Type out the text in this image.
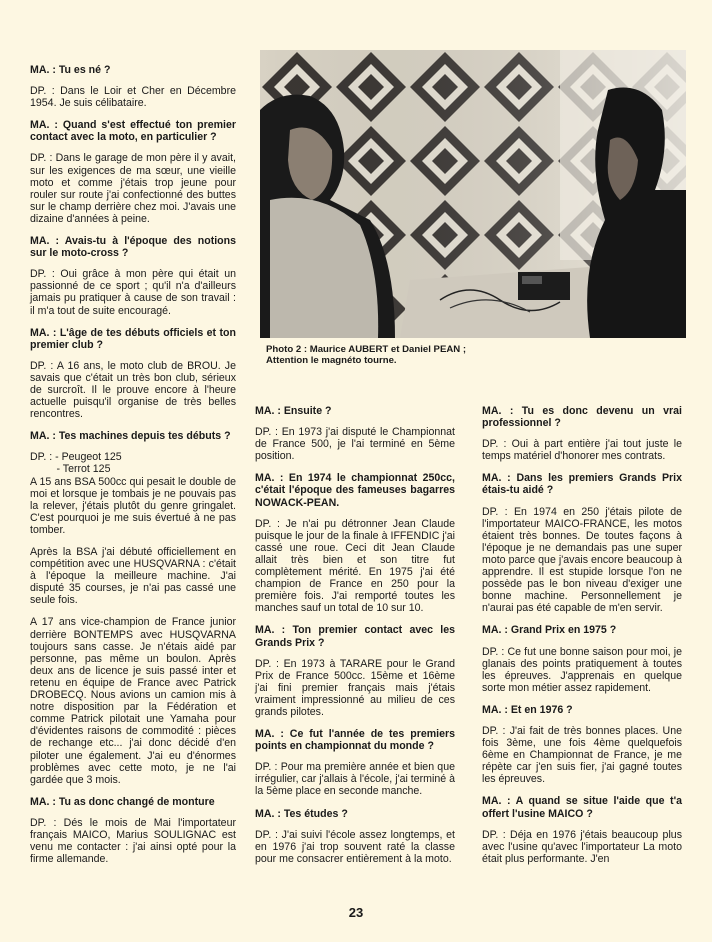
MA. : Tu es né ?

DP. : Dans le Loir et Cher en Décembre 1954. Je suis célibataire.

MA. : Quand s'est effectué ton premier contact avec la moto, en particulier ?

DP. : Dans le garage de mon père il y avait, sur les exigences de ma sœur, une vieille moto et comme j'étais trop jeune pour rouler sur route j'ai confectionné des buttes sur le champ derrière chez moi. J'avais une dizaine d'années à peine.

MA. : Avais-tu à l'époque des notions sur le moto-cross ?

DP. : Oui grâce à mon père qui était un passionné de ce sport ; qu'il n'a d'ailleurs jamais pu pratiquer à cause de son travail : il m'a tout de suite encouragé.

MA. : L'âge de tes débuts officiels et ton premier club ?

DP. : A 16 ans, le moto club de BROU. Je savais que c'était un très bon club, sérieux de surcroît. Il le prouve encore à l'heure actuelle puisqu'il organise de très belles rencontres.

MA. : Tes machines depuis tes débuts ?

DP. : - Peugeot 125

- Terrot 125

A 15 ans BSA 500cc qui pesait le double de moi et lorsque je tombais je ne pouvais pas la relever, j'étais plutôt du genre gringalet. C'est pourquoi je me suis évertué à ne pas tomber.

Après la BSA j'ai débuté officiellement en compétition avec une HUSQVARNA : c'était à l'époque la meilleure machine. J'ai disputé 35 courses, je n'ai pas cassé une seule fois.

A 17 ans vice-champion de France junior derrière BONTEMPS avec HUSQVARNA toujours sans casse. Je n'étais aidé par personne, pas même un boulon. Après deux ans de licence je suis passé inter et retenu en équipe de France avec Patrick DROBECQ. Nous avions un camion mis à notre disposition par la Fédération et comme Patrick pilotait une Yamaha pour d'évidentes raisons de commodité : pièces de rechange etc... j'ai donc décidé d'en piloter une également. J'ai eu d'énormes problèmes avec cette moto, je ne l'ai gardée que 3 mois.

MA. : Tu as donc changé de monture

DP. : Dés le mois de Mai l'importateur français MAICO, Marius SOULIGNAC est venu me contacter : j'ai ainsi opté pour la firme allemande.

Photo 2 : Maurice AUBERT et Daniel PEAN ; Attention le magnéto tourne.

MA. : Ensuite ?

DP. : En 1973 j'ai disputé le Championnat de France 500, je l'ai terminé en 5ème position.

MA. : En 1974 le championnat 250cc, c'était l'époque des fameuses bagarres NOWACK-PEAN.

DP. : Je n'ai pu détronner Jean Claude puisque le jour de la finale à IFFENDIC j'ai cassé une roue. Ceci dit Jean Claude allait très bien et son titre fut complètement mérité. En 1975 j'ai été champion de France en 250 pour la première fois. J'ai remporté toutes les manches sauf un total de 10 sur 10.

MA. : Ton premier contact avec les Grands Prix ?

DP. : En 1973 à TARARE pour le Grand Prix de France 500cc. 15ème et 16ème j'ai fini premier français mais j'étais vraiment impressionné au milieu de ces grands pilotes.

MA. : Ce fut l'année de tes premiers points en championnat du monde ?

DP. : Pour ma première année et bien que irrégulier, car j'allais à l'école, j'ai terminé à la 5ème place en seconde manche.

MA. : Tes études ?

DP. : J'ai suivi l'école assez longtemps, et en 1976 j'ai trop souvent raté la classe pour me consacrer entièrement à la moto.

MA. : Tu es donc devenu un vrai professionnel ?

DP. : Oui à part entière j'ai tout juste le temps matériel d'honorer mes contrats.

MA. : Dans les premiers Grands Prix étais-tu aidé ?

DP. : En 1974 en 250 j'étais pilote de l'importateur MAICO-FRANCE, les motos étaient très bonnes. De toutes façons à l'époque je ne demandais pas une super moto parce que j'avais encore beaucoup à apprendre. Il est stupide lorsque l'on ne possède pas le bon niveau d'exiger une bonne machine. Personnellement je n'aurai pas été capable de m'en servir.

MA. : Grand Prix en 1975 ?

DP. : Ce fut une bonne saison pour moi, je glanais des points pratiquement à toutes les épreuves. J'apprenais en quelque sorte mon métier assez rapidement.

MA. : Et en 1976 ?

DP. : J'ai fait de très bonnes places. Une fois 3ème, une fois 4ème quelquefois 6ème en Championnat de France, je me répète car j'en suis fier, j'ai gagné toutes les épreuves.

MA. : A quand se situe l'aide que t'a offert l'usine MAICO ?

DP. : Déja en 1976 j'étais beaucoup plus avec l'usine qu'avec l'importateur La moto était plus performante. J'en

23
